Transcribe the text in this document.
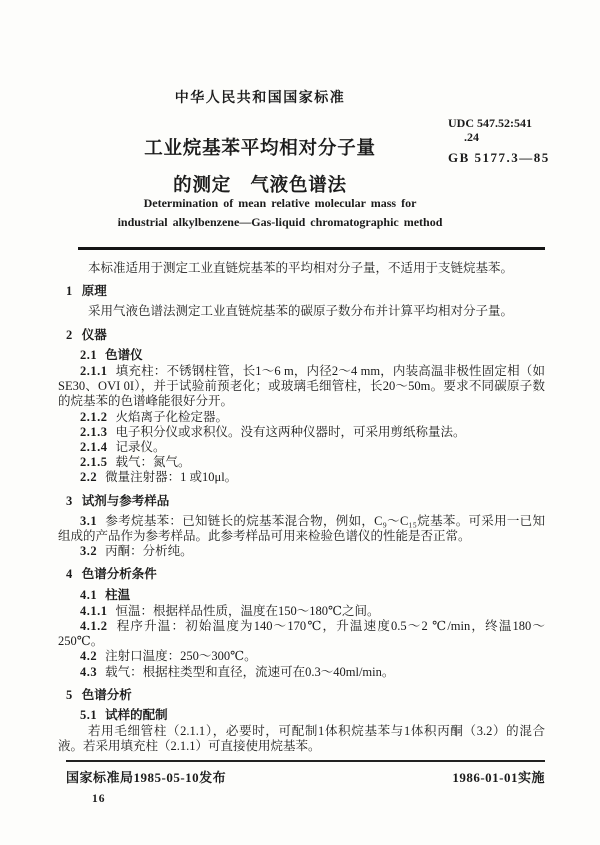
中华人民共和国国家标准
工业烷基苯平均相对分子量
的测定　气液色谱法
Determination of mean relative molecular mass for
industrial alkylbenzene—Gas-liquid chromatographic method
UDC 547.52:541
.24
GB 5177.3—85
本标准适用于测定工业直链烷基苯的平均相对分子量，不适用于支链烷基苯。
1 原理
采用气液色谱法测定工业直链烷基苯的碳原子数分布并计算平均相对分子量。
2 仪器
2.1 色谱仪
2.1.1 填充柱：不锈钢柱管，长1～6 m，内径2～4 mm，内装高温非极性固定相（如SE30、OVI 0I），并于试验前预老化；或玻璃毛细管柱，长20～50m。要求不同碳原子数的烷基苯的色谱峰能很好分开。
2.1.2 火焰离子化检定器。
2.1.3 电子积分仪或求积仪。没有这两种仪器时，可采用剪纸称量法。
2.1.4 记录仪。
2.1.5 载气：氮气。
2.2 微量注射器：1 或10μl。
3 试剂与参考样品
3.1 参考烷基苯：已知链长的烷基苯混合物，例如，C₉～C₁₅烷基苯。可采用一已知组成的产品作为参考样品。此参考样品可用来检验色谱仪的性能是否正常。
3.2 丙酮：分析纯。
4 色谱分析条件
4.1 柱温
4.1.1 恒温：根据样品性质，温度在150～180℃之间。
4.1.2 程序升温：初始温度为140～170℃，升温速度0.5～2 ℃/min，终温180～250℃。
4.2 注射口温度：250～300℃。
4.3 载气：根据柱类型和直径，流速可在0.3～40ml/min。
5 色谱分析
5.1 试样的配制
若用毛细管柱（2.1.1），必要时，可配制1体积烷基苯与1体积丙酮（3.2）的混合液。若采用填充柱（2.1.1）可直接使用烷基苯。
国家标准局1985-05-10发布	1986-01-01实施
16
